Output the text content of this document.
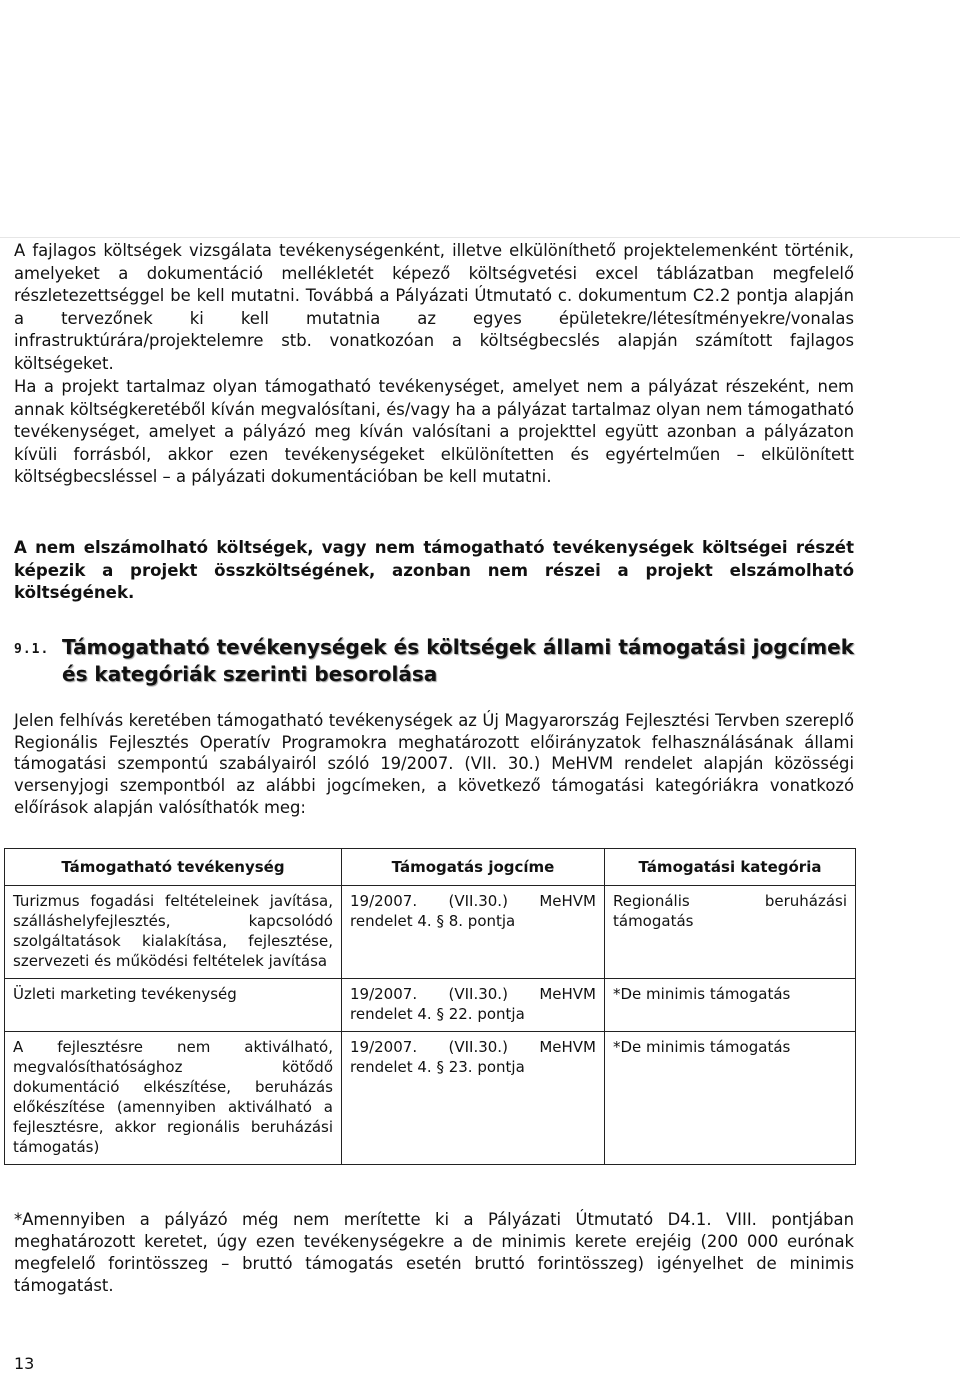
A fajlagos költségek vizsgálata tevékenységenként, illetve elkülöníthető projektelemenként történik, amelyeket a dokumentáció mellékletét képező költségvetési excel táblázatban megfelelő részletezettséggel be kell mutatni. Továbbá a Pályázati Útmutató c. dokumentum C2.2 pontja alapján a tervezőnek ki kell mutatnia az egyes épületekre/létesítményekre/vonalas infrastruktúrára/projektelemre stb. vonatkozóan a költségbecslés alapján számított fajlagos költségeket.

Ha a projekt tartalmaz olyan támogatható tevékenységet, amelyet nem a pályázat részeként, nem annak költségkeretéből kíván megvalósítani, és/vagy ha a pályázat tartalmaz olyan nem támogatható tevékenységet, amelyet a pályázó meg kíván valósítani a projekttel együtt azonban a pályázaton kívüli forrásból, akkor ezen tevékenységeket elkülönítetten és egyértelműen – elkülönített költségbecsléssel – a pályázati dokumentációban be kell mutatni.

A nem elszámolható költségek, vagy nem támogatható tevékenységek költségei részét képezik a projekt összköltségének, azonban nem részei a projekt elszámolható költségének.

9.1. Támogatható tevékenységek és költségek állami támogatási jogcímek és kategóriák szerinti besorolása

Jelen felhívás keretében támogatható tevékenységek az Új Magyarország Fejlesztési Tervben szereplő Regionális Fejlesztés Operatív Programokra meghatározott előirányzatok felhasználásának állami támogatási szempontú szabályairól szóló 19/2007. (VII. 30.) MeHVM rendelet alapján közösségi versenyjogi szempontból az alábbi jogcímeken, a következő támogatási kategóriákra vonatkozó előírások alapján valósíthatók meg:

Támogatható tevékenység	Támogatás jogcíme	Támogatási kategória
Turizmus fogadási feltételeinek javítása, szálláshelyfejlesztés, kapcsolódó szolgáltatások kialakítása, fejlesztése, szervezeti és működési feltételek javítása	19/2007. (VII.30.) MeHVM rendelet 4. § 8. pontja	Regionális beruházási támogatás
Üzleti marketing tevékenység	19/2007. (VII.30.) MeHVM rendelet 4. § 22. pontja	*De minimis támogatás
A fejlesztésre nem aktiválható, megvalósíthatósághoz kötődő dokumentáció elkészítése, beruházás előkészítése (amennyiben aktiválható a fejlesztésre, akkor regionális beruházási támogatás)	19/2007. (VII.30.) MeHVM rendelet 4. § 23. pontja	*De minimis támogatás

*Amennyiben a pályázó még nem merítette ki a Pályázati Útmutató D4.1. VIII. pontjában meghatározott keretet, úgy ezen tevékenységekre a de minimis kerete erejéig (200 000 eurónak megfelelő forintösszeg – bruttó támogatás esetén bruttó forintösszeg) igényelhet de minimis támogatást.

13
